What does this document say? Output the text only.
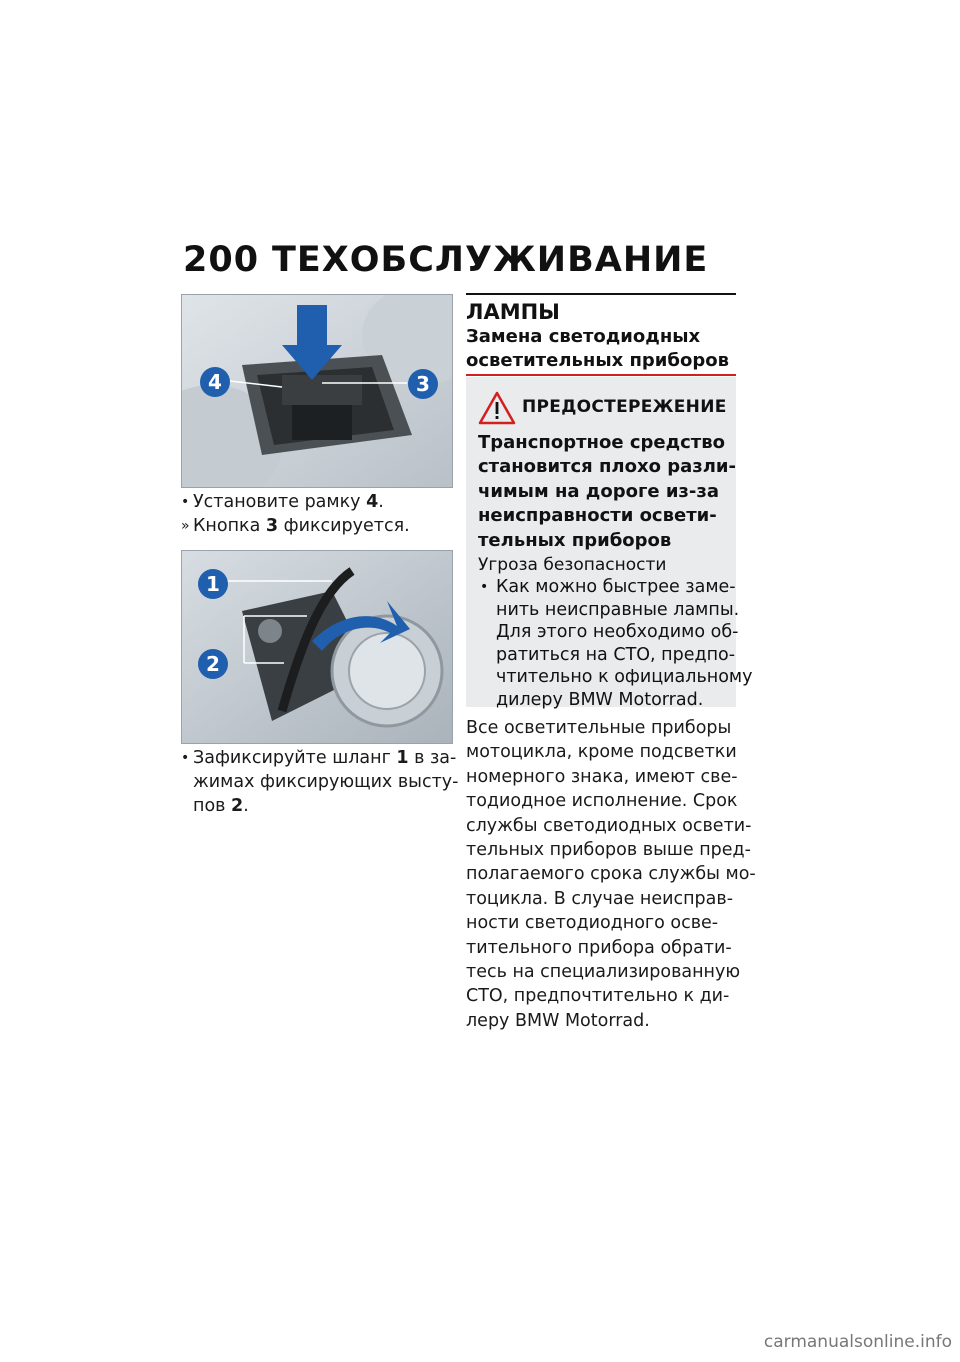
200 ТЕХОБСЛУЖИВАНИЕ
4	3
• Установите рамку 4.
» Кнопка 3 фиксируется.
1
2
• Зафиксируйте шланг 1 в за-
жимах фиксирующих высту-
пов 2.
ЛАМПЫ
Замена светодиодных
осветительных приборов
ПРЕДОСТЕРЕЖЕНИЕ
Транспортное средство
становится плохо разли-
чимым на дороге из-за
неисправности освети-
тельных приборов
Угроза безопасности
• Как можно быстрее заме-
нить неисправные лампы.
Для этого необходимо об-
ратиться на СТО, предпо-
чтительно к официальному
дилеру BMW Motorrad.
Все осветительные приборы
мотоцикла, кроме подсветки
номерного знака, имеют све-
тодиодное исполнение. Срок
службы светодиодных освети-
тельных приборов выше пред-
полагаемого срока службы мо-
тоцикла. В случае неисправ-
ности светодиодного осве-
тительного прибора обрати-
тесь на специализированную
СТО, предпочтительно к ди-
леру BMW Motorrad.
carmanualsonline.info
